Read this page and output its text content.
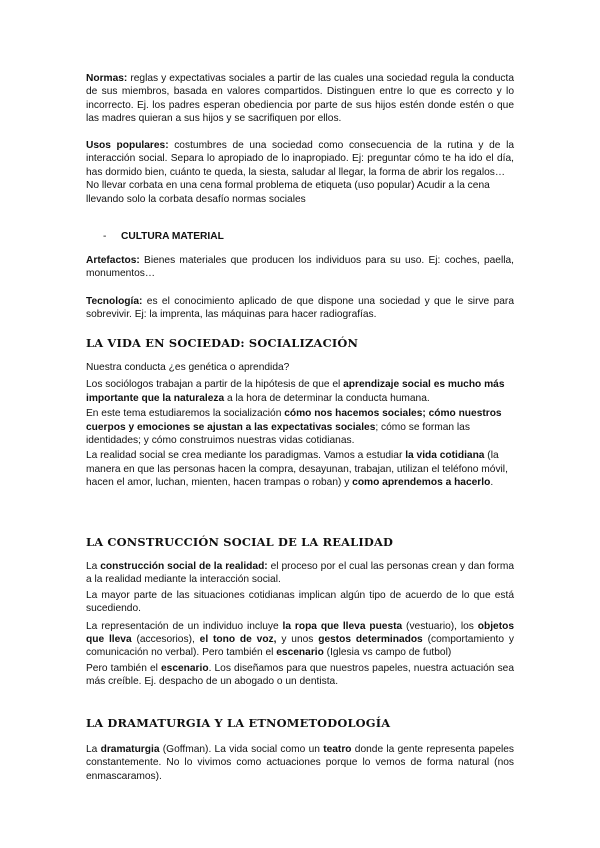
Normas: reglas y expectativas sociales a partir de las cuales una sociedad regula la conducta de sus miembros, basada en valores compartidos. Distinguen entre lo que es correcto y lo incorrecto. Ej. los padres esperan obediencia por parte de sus hijos estén donde estén o que las madres quieran a sus hijos y se sacrifiquen por ellos.

Usos populares: costumbres de una sociedad como consecuencia de la rutina y de la interacción social. Separa lo apropiado de lo inapropiado. Ej: preguntar cómo te ha ido el día, has dormido bien, cuánto te queda, la siesta, saludar al llegar, la forma de abrir los regalos…

No llevar corbata en una cena formal problema de etiqueta (uso popular) Acudir a la cena llevando solo la corbata desafío normas sociales

- CULTURA MATERIAL

Artefactos: Bienes materiales que producen los individuos para su uso. Ej: coches, paella, monumentos…

Tecnología: es el conocimiento aplicado de que dispone una sociedad y que le sirve para sobrevivir. Ej: la imprenta, las máquinas para hacer radiografías.

LA VIDA EN SOCIEDAD: SOCIALIZACIÓN

Nuestra conducta ¿es genética o aprendida?

Los sociólogos trabajan a partir de la hipótesis de que el aprendizaje social es mucho más importante que la naturaleza a la hora de determinar la conducta humana.

En este tema estudiaremos la socialización cómo nos hacemos sociales; cómo nuestros cuerpos y emociones se ajustan a las expectativas sociales; cómo se forman las identidades; y cómo construimos nuestras vidas cotidianas.

La realidad social se crea mediante los paradigmas. Vamos a estudiar la vida cotidiana (la manera en que las personas hacen la compra, desayunan, trabajan, utilizan el teléfono móvil, hacen el amor, luchan, mienten, hacen trampas o roban) y como aprendemos a hacerlo.

LA CONSTRUCCIÓN SOCIAL DE LA REALIDAD

La construcción social de la realidad: el proceso por el cual las personas crean y dan forma a la realidad mediante la interacción social.

La mayor parte de las situaciones cotidianas implican algún tipo de acuerdo de lo que está sucediendo.

La representación de un individuo incluye la ropa que lleva puesta (vestuario), los objetos que lleva (accesorios), el tono de voz, y unos gestos determinados (comportamiento y comunicación no verbal). Pero también el escenario (Iglesia vs campo de futbol)

Pero también el escenario. Los diseñamos para que nuestros papeles, nuestra actuación sea más creíble. Ej. despacho de un abogado o un dentista.

LA DRAMATURGIA Y LA ETNOMETODOLOGÍA

La dramaturgia (Goffman). La vida social como un teatro donde la gente representa papeles constantemente. No lo vivimos como actuaciones porque lo vemos de forma natural (nos enmascaramos).
